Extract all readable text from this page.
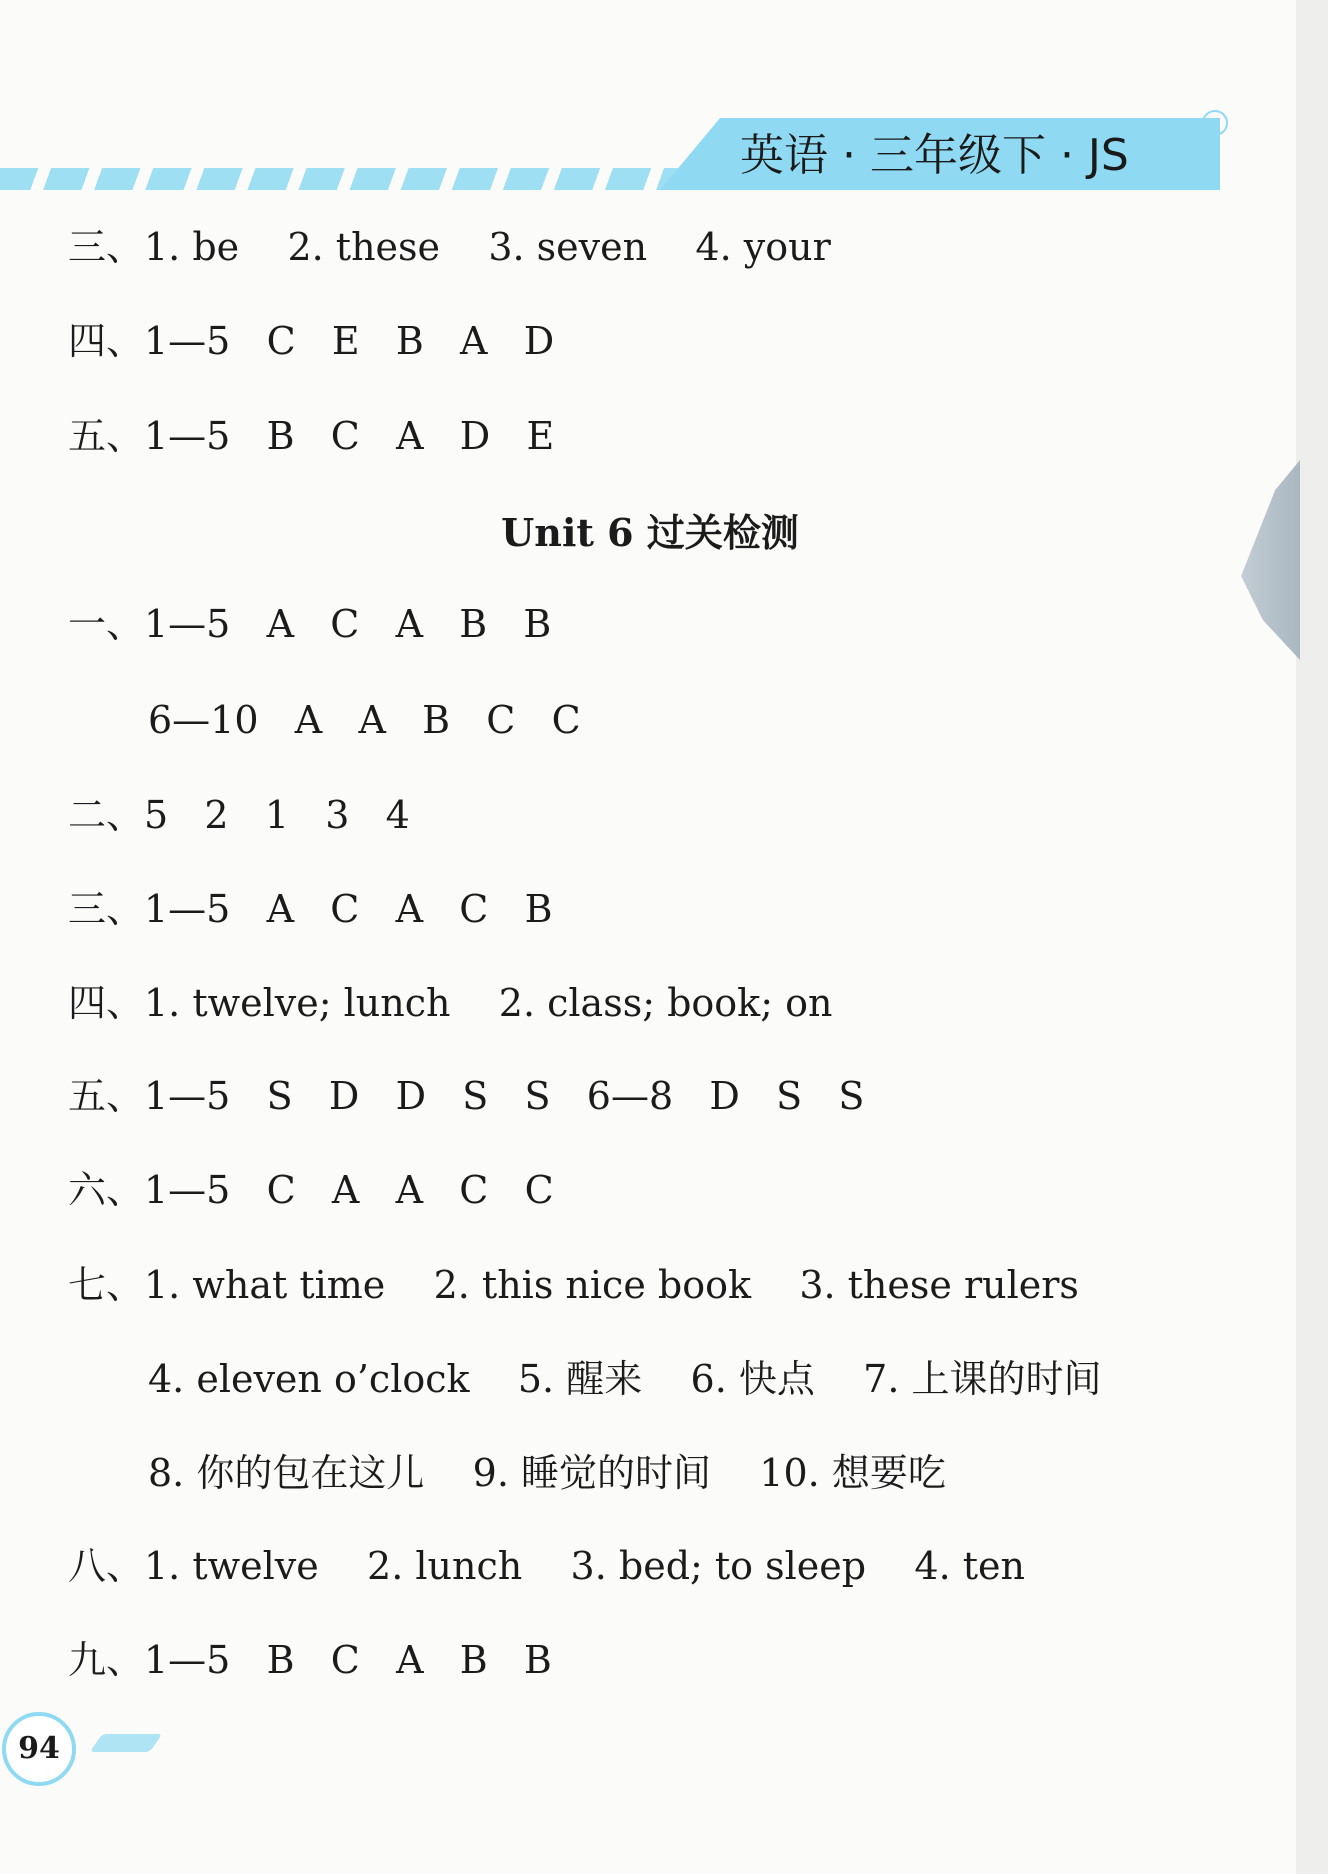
英语 · 三年级下 · JS
三、1. be    2. these    3. seven    4. your
四、1—5   C   E   B   A   D
五、1—5   B   C   A   D   E
Unit 6 过关检测
一、1—5   A   C   A   B   B
6—10   A   A   B   C   C
二、5   2   1   3   4
三、1—5   A   C   A   C   B
四、1. twelve; lunch    2. class; book; on
五、1—5   S   D   D   S   S   6—8   D   S   S
六、1—5   C   A   A   C   C
七、1. what time    2. this nice book    3. these rulers
4. eleven o’clock    5. 醒来    6. 快点    7. 上课的时间
8. 你的包在这儿    9. 睡觉的时间    10. 想要吃
八、1. twelve    2. lunch    3. bed; to sleep    4. ten
九、1—5   B   C   A   B   B
94
